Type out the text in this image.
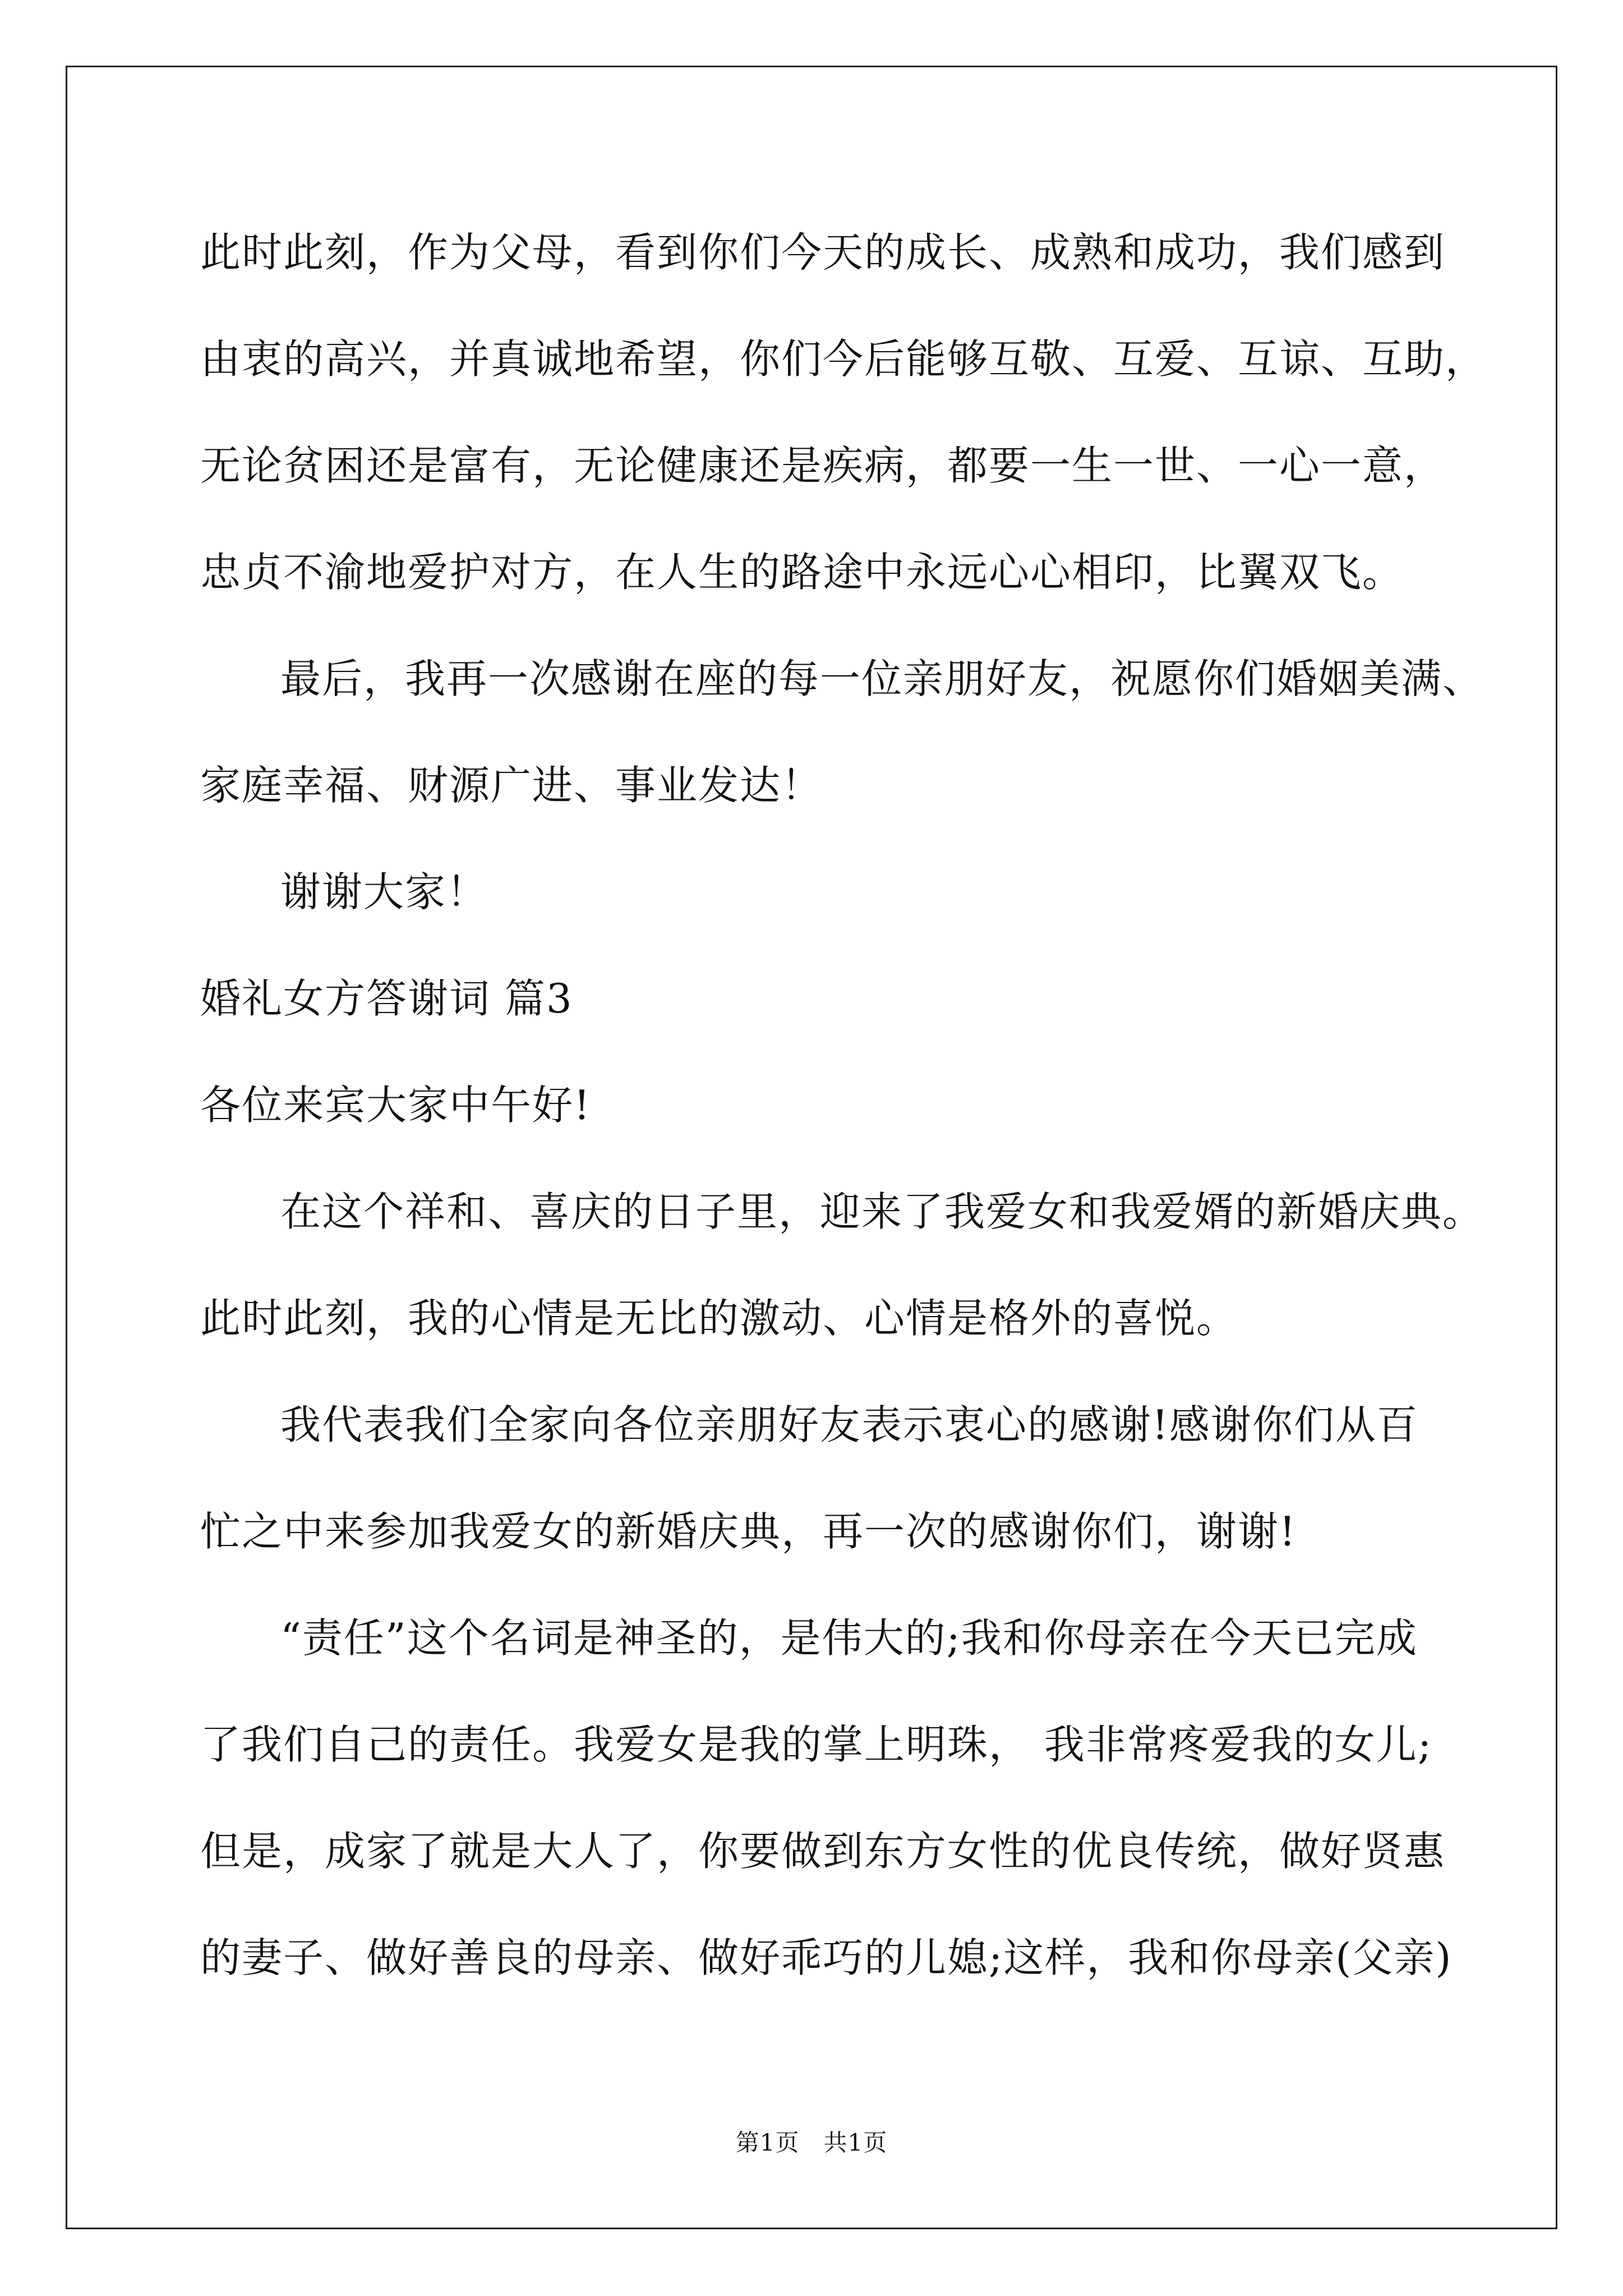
此时此刻，作为父母，看到你们今天的成长、成熟和成功，我们感到
由衷的高兴，并真诚地希望，你们今后能够互敬、互爱、互谅、互助，
无论贫困还是富有，无论健康还是疾病，都要一生一世、一心一意，
忠贞不渝地爱护对方，在人生的路途中永远心心相印，比翼双飞。
最后，我再一次感谢在座的每一位亲朋好友，祝愿你们婚姻美满、
家庭幸福、财源广进、事业发达！
谢谢大家！
婚礼女方答谢词 篇3
各位来宾大家中午好!
在这个祥和、喜庆的日子里，迎来了我爱女和我爱婿的新婚庆典。
此时此刻，我的心情是无比的激动、心情是格外的喜悦。
我代表我们全家向各位亲朋好友表示衷心的感谢!感谢你们从百
忙之中来参加我爱女的新婚庆典，再一次的感谢你们，谢谢!
“责任”这个名词是神圣的，是伟大的;我和你母亲在今天已完成
了我们自己的责任。我爱女是我的掌上明珠， 我非常疼爱我的女儿;
但是，成家了就是大人了，你要做到东方女性的优良传统，做好贤惠
的妻子、做好善良的母亲、做好乖巧的儿媳;这样，我和你母亲(父亲)
第1页　共1页
